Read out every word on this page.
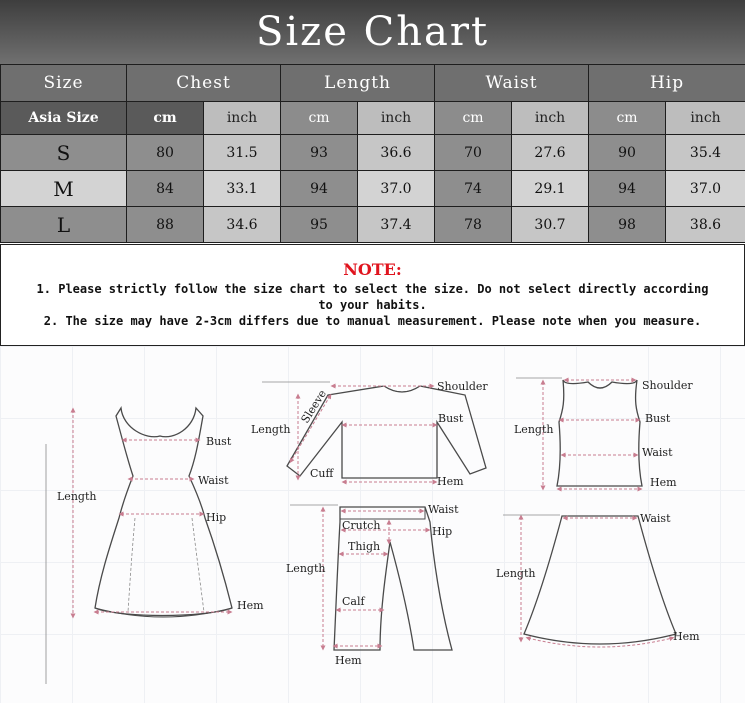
Size Chart
Size	Chest		Length		Waist		Hip	
Asia Size	cm	inch	cm	inch	cm	inch	cm	inch
S	80	31.5	93	36.6	70	27.6	90	35.4
M	84	33.1	94	37.0	74	29.1	94	37.0
L	88	34.6	95	37.4	78	30.7	98	38.6
NOTE:
1. Please strictly follow the size chart to select the size. Do not select directly according to your habits.
2. The size may have 2-3cm differs due to manual measurement. Please note when you measure.
Bust
Waist
Hip
Length
Hem
Shoulder
Bust
Length
Sleeve
Cuff
Hem
Shoulder
Bust
Waist
Length
Hem
Waist
Crutch	Hip
Thigh
Length
Calf
Hem
Waist
Length
Hem
